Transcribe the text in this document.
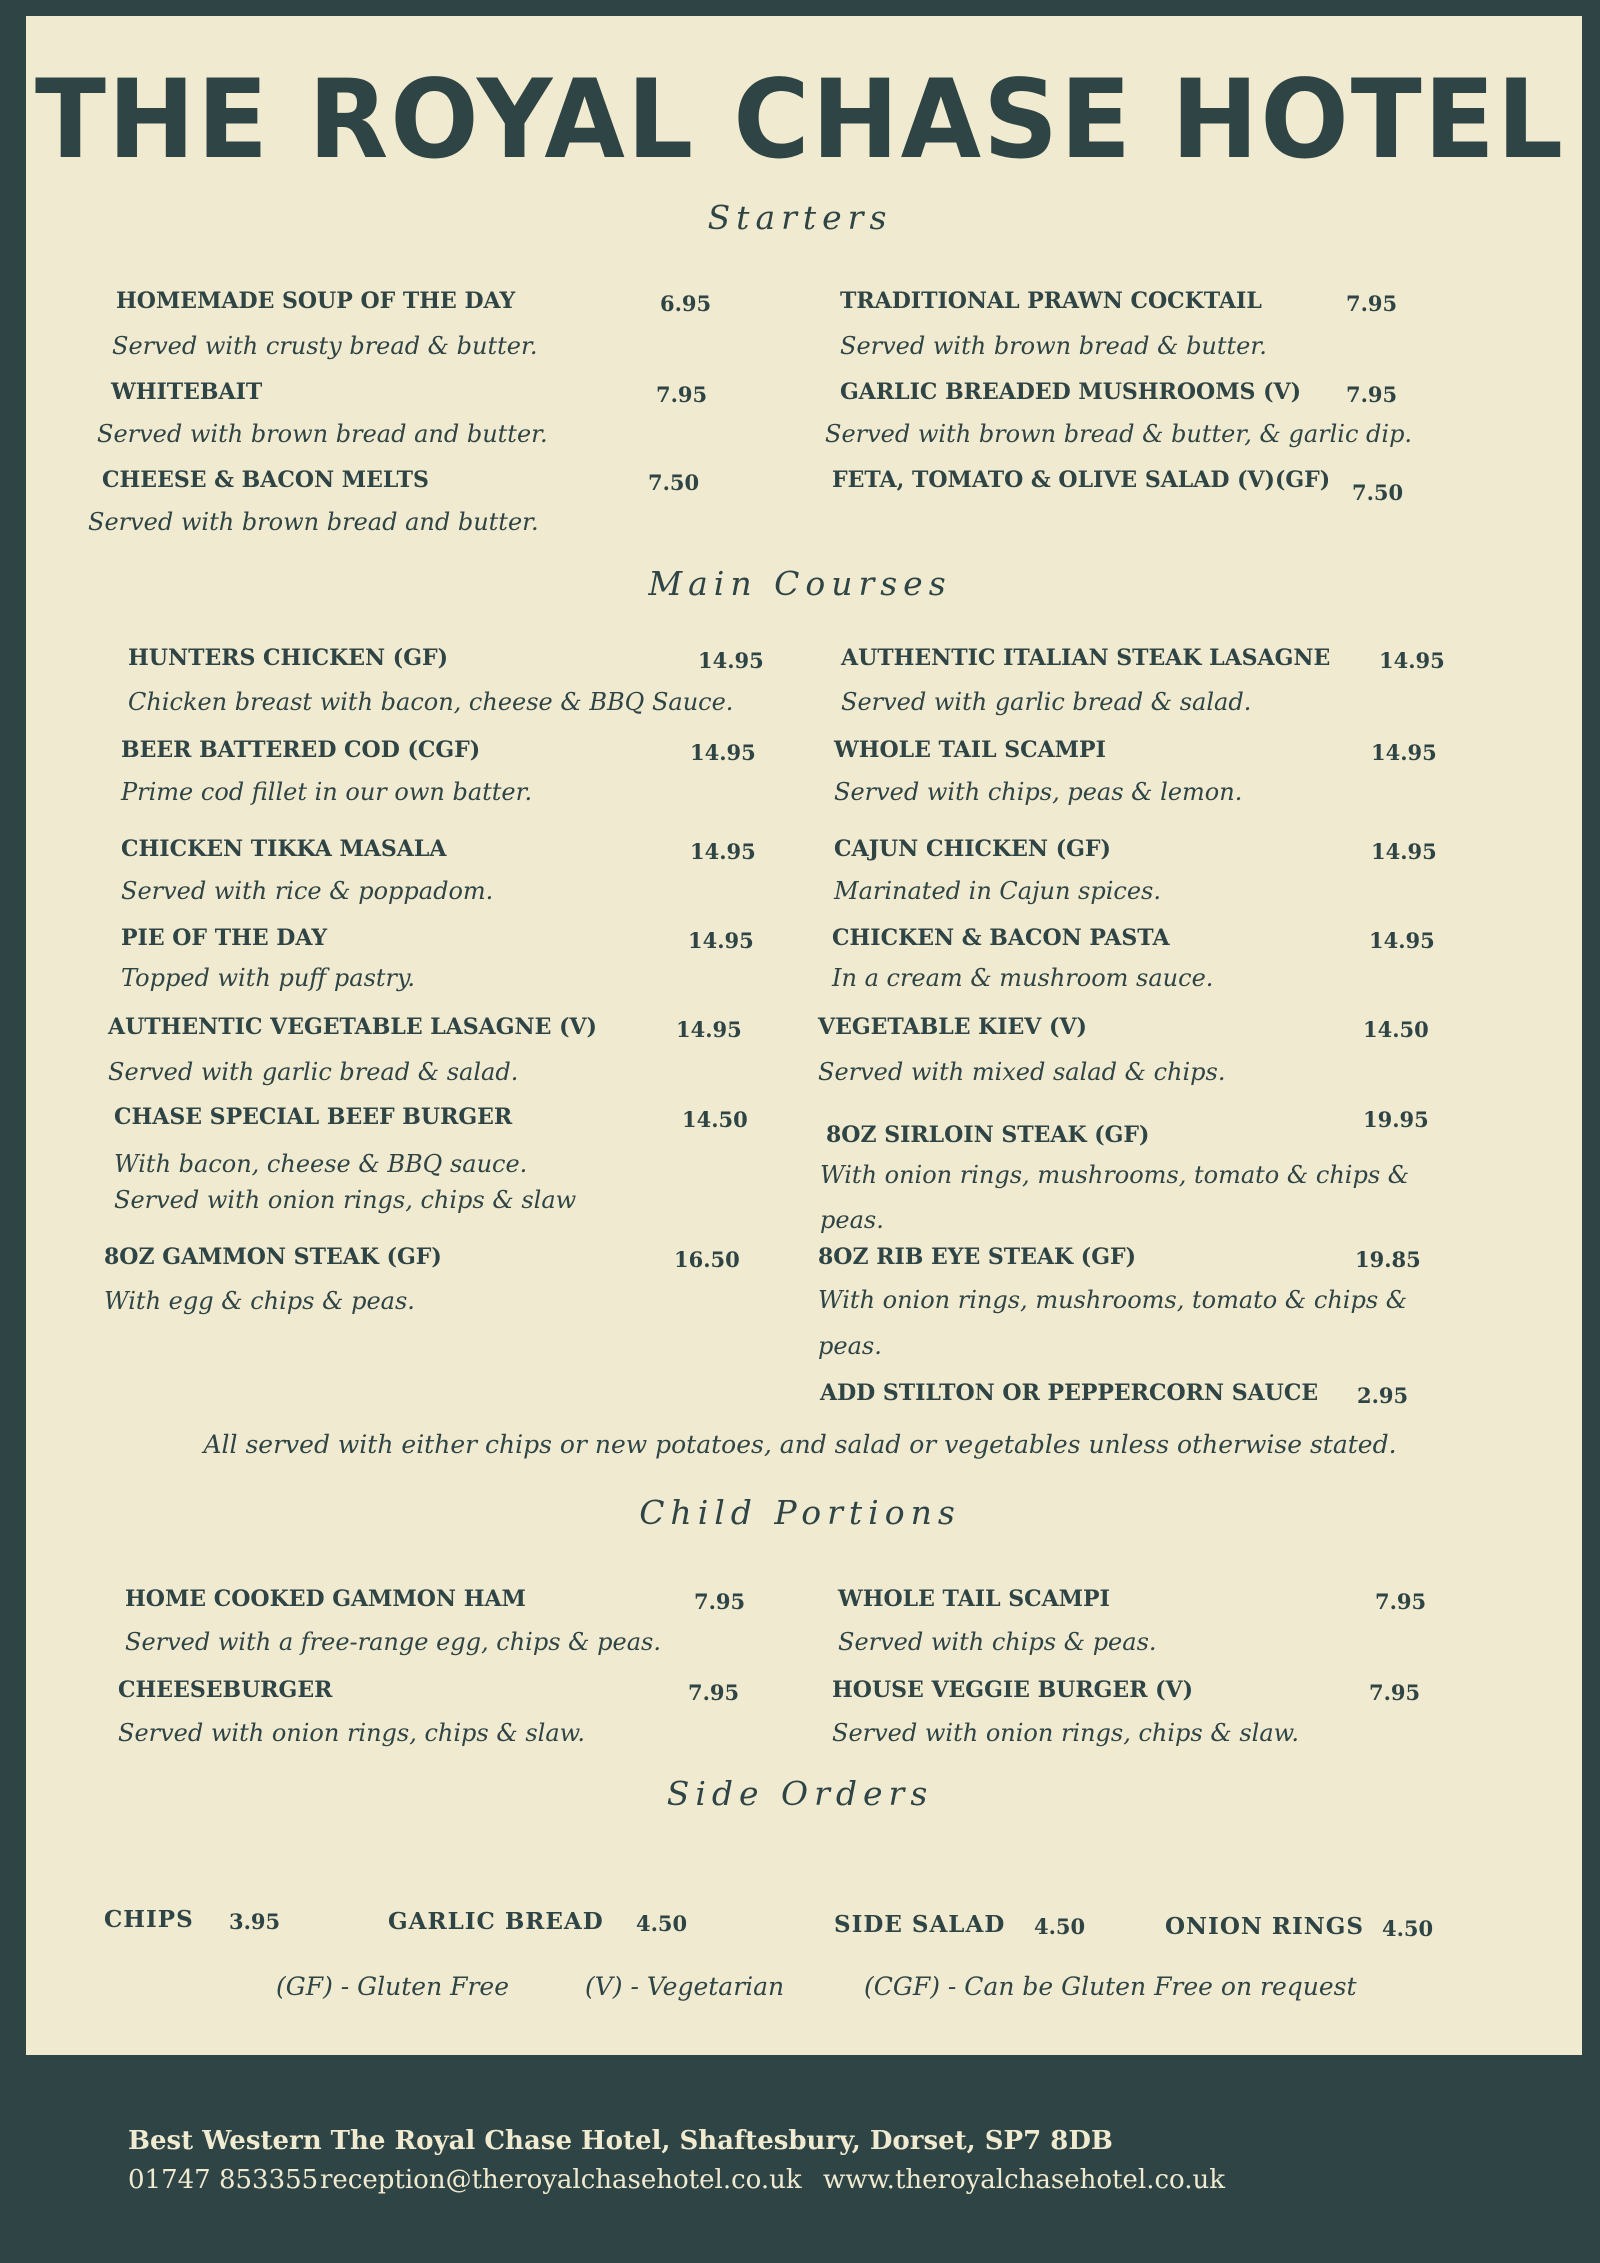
THE ROYAL CHASE HOTEL
Starters
HOMEMADE SOUP OF THE DAY	6.95
Served with crusty bread & butter.
WHITEBAIT	7.95
Served with brown bread and butter.
CHEESE & BACON MELTS	7.50
Served with brown bread and butter.
TRADITIONAL PRAWN COCKTAIL	7.95
Served with brown bread & butter.
GARLIC BREADED MUSHROOMS (V) 7.95
Served with brown bread & butter, & garlic dip.
FETA, TOMATO & OLIVE SALAD (V)(GF) 7.50
Main Courses
HUNTERS CHICKEN (GF)	14.95
Chicken breast with bacon, cheese & BBQ Sauce.
BEER BATTERED COD (CGF)	14.95
Prime cod fillet in our own batter.
CHICKEN TIKKA MASALA	14.95
Served with rice & poppadom.
PIE OF THE DAY	14.95
Topped with puff pastry.
AUTHENTIC VEGETABLE LASAGNE (V)	14.95
Served with garlic bread & salad.
CHASE SPECIAL BEEF BURGER	14.50
With bacon, cheese & BBQ sauce.
Served with onion rings, chips & slaw
8OZ GAMMON STEAK (GF)	16.50
With egg & chips & peas.
AUTHENTIC ITALIAN STEAK LASAGNE 14.95
Served with garlic bread & salad.
WHOLE TAIL SCAMPI	14.95
Served with chips, peas & lemon.
CAJUN CHICKEN (GF)	14.95
Marinated in Cajun spices.
CHICKEN & BACON PASTA	14.95
In a cream & mushroom sauce.
VEGETABLE KIEV (V)	14.50
Served with mixed salad & chips.
8OZ SIRLOIN STEAK (GF)
19.95
With onion rings, mushrooms, tomato & chips &
peas.
8OZ RIB EYE STEAK (GF)	19.85
With onion rings, mushrooms, tomato & chips &
peas.
ADD STILTON OR PEPPERCORN SAUCE 2.95
All served with either chips or new potatoes, and salad or vegetables unless otherwise stated.
Child Portions
HOME COOKED GAMMON HAM	7.95
Served with a free-range egg, chips & peas.
CHEESEBURGER	7.95
Served with onion rings, chips & slaw.
WHOLE TAIL SCAMPI	7.95
Served with chips & peas.
HOUSE VEGGIE BURGER (V)	7.95
Served with onion rings, chips & slaw.
Side Orders
CHIPS 3.95	GARLIC BREAD 4.50	SIDE SALAD 4.50	ONION RINGS 4.50
(GF) - Gluten Free	(V) - Vegetarian	(CGF) - Can be Gluten Free on request
Best Western The Royal Chase Hotel, Shaftesbury, Dorset, SP7 8DB
01747 853355 reception@theroyalchasehotel.co.uk www.theroyalchasehotel.co.uk
